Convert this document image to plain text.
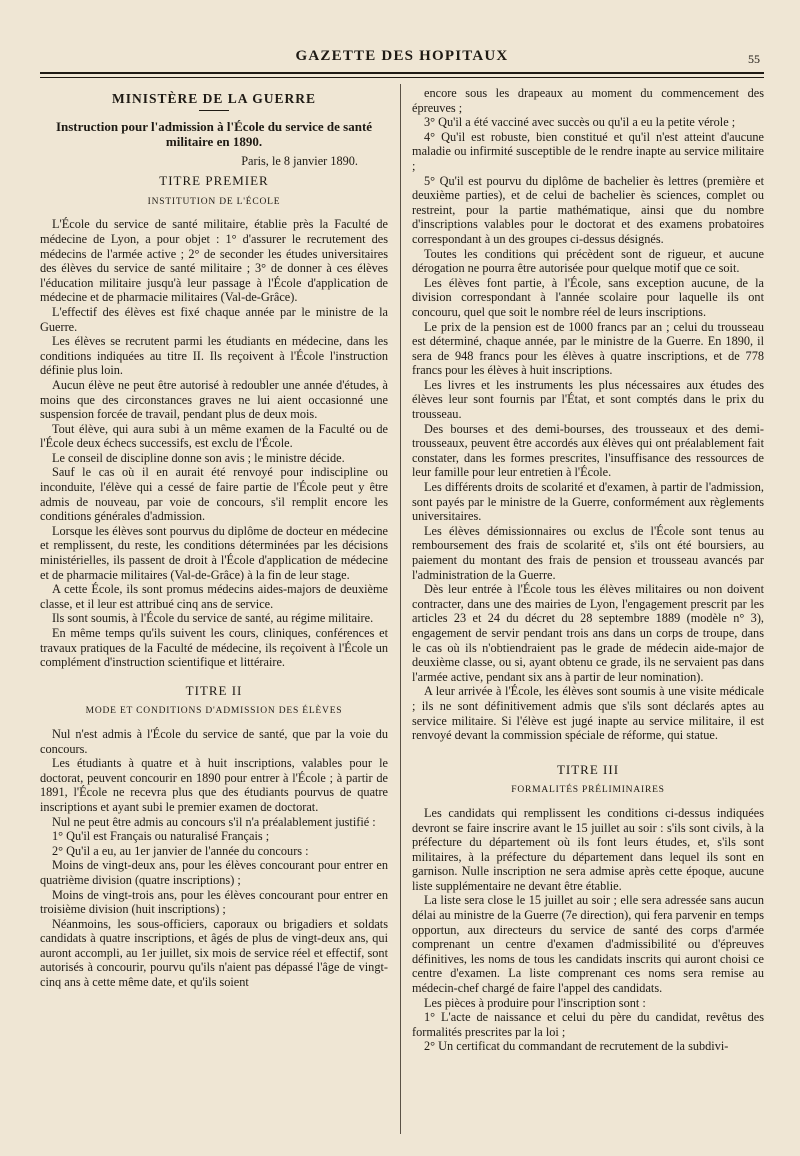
GAZETTE DES HOPITAUX	55
MINISTÈRE DE LA GUERRE
Instruction pour l'admission à l'École du service de santé militaire en 1890.
Paris, le 8 janvier 1890.
TITRE PREMIER
INSTITUTION DE L'ÉCOLE

L'École du service de santé militaire, établie près la Faculté de médecine de Lyon, a pour objet : 1° d'assurer le recrutement des médecins de l'armée active ; 2° de seconder les études universitaires des élèves du service de santé militaire ; 3° de donner à ces élèves l'éducation militaire jusqu'à leur passage à l'École d'application de médecine et de pharmacie militaires (Val-de-Grâce).

L'effectif des élèves est fixé chaque année par le ministre de la Guerre.

Les élèves se recrutent parmi les étudiants en médecine, dans les conditions indiquées au titre II. Ils reçoivent à l'École l'instruction définie plus loin.

Aucun élève ne peut être autorisé à redoubler une année d'études, à moins que des circonstances graves ne lui aient occasionné une suspension forcée de travail, pendant plus de deux mois.

Tout élève, qui aura subi à un même examen de la Faculté ou de l'École deux échecs successifs, est exclu de l'École.

Le conseil de discipline donne son avis ; le ministre décide.

Sauf le cas où il en aurait été renvoyé pour indiscipline ou inconduite, l'élève qui a cessé de faire partie de l'École peut y être admis de nouveau, par voie de concours, s'il remplit encore les conditions générales d'admission.

Lorsque les élèves sont pourvus du diplôme de docteur en médecine et remplissent, du reste, les conditions déterminées par les décisions ministérielles, ils passent de droit à l'École d'application de médecine et de pharmacie militaires (Val-de-Grâce) à la fin de leur stage.

A cette École, ils sont promus médecins aides-majors de deuxième classe, et il leur est attribué cinq ans de service.

Ils sont soumis, à l'École du service de santé, au régime militaire.

En même temps qu'ils suivent les cours, cliniques, conférences et travaux pratiques de la Faculté de médecine, ils reçoivent à l'École un complément d'instruction scientifique et littéraire.

TITRE II
MODE ET CONDITIONS D'ADMISSION DES ÉLÈVES

Nul n'est admis à l'École du service de santé, que par la voie du concours.

Les étudiants à quatre et à huit inscriptions, valables pour le doctorat, peuvent concourir en 1890 pour entrer à l'École ; à partir de 1891, l'École ne recevra plus que des étudiants pourvus de quatre inscriptions et ayant subi le premier examen de doctorat.

Nul ne peut être admis au concours s'il n'a préalablement justifié :

1° Qu'il est Français ou naturalisé Français ;

2° Qu'il a eu, au 1er janvier de l'année du concours :

Moins de vingt-deux ans, pour les élèves concourant pour entrer en quatrième division (quatre inscriptions) ;

Moins de vingt-trois ans, pour les élèves concourant pour entrer en troisième division (huit inscriptions) ;

Néanmoins, les sous-officiers, caporaux ou brigadiers et soldats candidats à quatre inscriptions, et âgés de plus de vingt-deux ans, qui auront accompli, au 1er juillet, six mois de service réel et effectif, sont autorisés à concourir, pourvu qu'ils n'aient pas dépassé l'âge de vingt-cinq ans à cette même date, et qu'ils soient

encore sous les drapeaux au moment du commencement des épreuves ;

3° Qu'il a été vacciné avec succès ou qu'il a eu la petite vérole ;

4° Qu'il est robuste, bien constitué et qu'il n'est atteint d'aucune maladie ou infirmité susceptible de le rendre inapte au service militaire ;

5° Qu'il est pourvu du diplôme de bachelier ès lettres (première et deuxième parties), et de celui de bachelier ès sciences, complet ou restreint, pour la partie mathématique, ainsi que du nombre d'inscriptions valables pour le doctorat et des examens probatoires correspondant à un des groupes ci-dessus désignés.

Toutes les conditions qui précèdent sont de rigueur, et aucune dérogation ne pourra être autorisée pour quelque motif que ce soit.

Les élèves font partie, à l'École, sans exception aucune, de la division correspondant à l'année scolaire pour laquelle ils ont concouru, quel que soit le nombre réel de leurs inscriptions.

Le prix de la pension est de 1000 francs par an ; celui du trousseau est déterminé, chaque année, par le ministre de la Guerre. En 1890, il sera de 948 francs pour les élèves à quatre inscriptions, et de 778 francs pour les élèves à huit inscriptions.

Les livres et les instruments les plus nécessaires aux études des élèves leur sont fournis par l'État, et sont comptés dans le prix du trousseau.

Des bourses et des demi-bourses, des trousseaux et des demi-trousseaux, peuvent être accordés aux élèves qui ont préalablement fait constater, dans les formes prescrites, l'insuffisance des ressources de leur famille pour leur entretien à l'École.

Les différents droits de scolarité et d'examen, à partir de l'admission, sont payés par le ministre de la Guerre, conformément aux règlements universitaires.

Les élèves démissionnaires ou exclus de l'École sont tenus au remboursement des frais de scolarité et, s'ils ont été boursiers, au paiement du montant des frais de pension et trousseau avancés par l'administration de la Guerre.

Dès leur entrée à l'École tous les élèves militaires ou non doivent contracter, dans une des mairies de Lyon, l'engagement prescrit par les articles 23 et 24 du décret du 28 septembre 1889 (modèle n° 3), engagement de servir pendant trois ans dans un corps de troupe, dans le cas où ils n'obtiendraient pas le grade de médecin aide-major de deuxième classe, ou si, ayant obtenu ce grade, ils ne servaient pas dans l'armée active, pendant six ans à partir de leur nomination).

A leur arrivée à l'École, les élèves sont soumis à une visite médicale ; ils ne sont définitivement admis que s'ils sont déclarés aptes au service militaire. Si l'élève est jugé inapte au service militaire, il est renvoyé devant la commission spéciale de réforme, qui statue.

TITRE III
FORMALITÉS PRÉLIMINAIRES

Les candidats qui remplissent les conditions ci-dessus indiquées devront se faire inscrire avant le 15 juillet au soir : s'ils sont civils, à la préfecture du département où ils font leurs études, et, s'ils sont militaires, à la préfecture du département dans lequel ils sont en garnison. Nulle inscription ne sera admise après cette époque, aucune liste supplémentaire ne devant être établie.

La liste sera close le 15 juillet au soir ; elle sera adressée sans aucun délai au ministre de la Guerre (7e direction), qui fera parvenir en temps opportun, aux directeurs du service de santé des corps d'armée comprenant un centre d'examen d'admissibilité ou d'épreuves définitives, les noms de tous les candidats inscrits qui auront choisi ce centre d'examen. La liste comprenant ces noms sera remise au médecin-chef chargé de faire l'appel des candidats.

Les pièces à produire pour l'inscription sont :

1° L'acte de naissance et celui du père du candidat, revêtus des formalités prescrites par la loi ;

2° Un certificat du commandant de recrutement de la subdivi-
